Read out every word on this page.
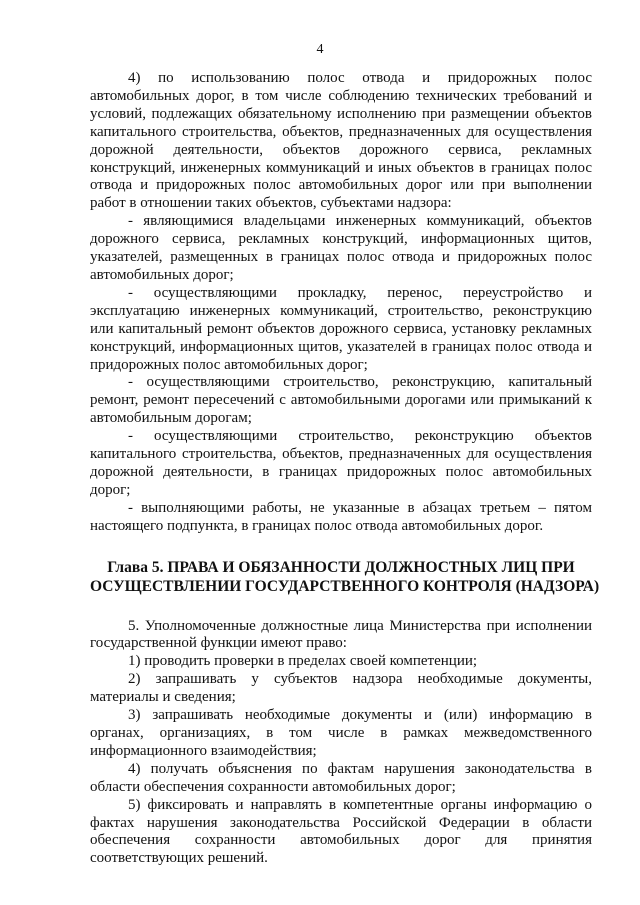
4

4) по использованию полос отвода и придорожных полос автомобильных дорог, в том числе соблюдению технических требований и условий, подлежащих обязательному исполнению при размещении объектов капитального строительства, объектов, предназначенных для осуществления дорожной деятельности, объектов дорожного сервиса, рекламных конструкций, инженерных коммуникаций и иных объектов в границах полос отвода и придорожных полос автомобильных дорог или при выполнении работ в отношении таких объектов, субъектами надзора:

- являющимися владельцами инженерных коммуникаций, объектов дорожного сервиса, рекламных конструкций, информационных щитов, указателей, размещенных в границах полос отвода и придорожных полос автомобильных дорог;

- осуществляющими прокладку, перенос, переустройство и эксплуатацию инженерных коммуникаций, строительство, реконструкцию или капитальный ремонт объектов дорожного сервиса, установку рекламных конструкций, информационных щитов, указателей в границах полос отвода и придорожных полос автомобильных дорог;

- осуществляющими строительство, реконструкцию, капитальный ремонт, ремонт пересечений с автомобильными дорогами или примыканий к автомобильным дорогам;

- осуществляющими строительство, реконструкцию объектов капитального строительства, объектов, предназначенных для осуществления дорожной деятельности, в границах придорожных полос автомобильных дорог;

- выполняющими работы, не указанные в абзацах третьем – пятом настоящего подпункта, в границах полос отвода автомобильных дорог.

Глава 5. ПРАВА И ОБЯЗАННОСТИ ДОЛЖНОСТНЫХ ЛИЦ ПРИ
ОСУЩЕСТВЛЕНИИ ГОСУДАРСТВЕННОГО КОНТРОЛЯ (НАДЗОРА)

5. Уполномоченные должностные лица Министерства при исполнении государственной функции имеют право:

1) проводить проверки в пределах своей компетенции;

2) запрашивать у субъектов надзора необходимые документы, материалы и сведения;

3) запрашивать необходимые документы и (или) информацию в органах, организациях, в том числе в рамках межведомственного информационного взаимодействия;

4) получать объяснения по фактам нарушения законодательства в области обеспечения сохранности автомобильных дорог;

5) фиксировать и направлять в компетентные органы информацию о фактах нарушения законодательства Российской Федерации в области обеспечения сохранности автомобильных дорог для принятия соответствующих решений.
